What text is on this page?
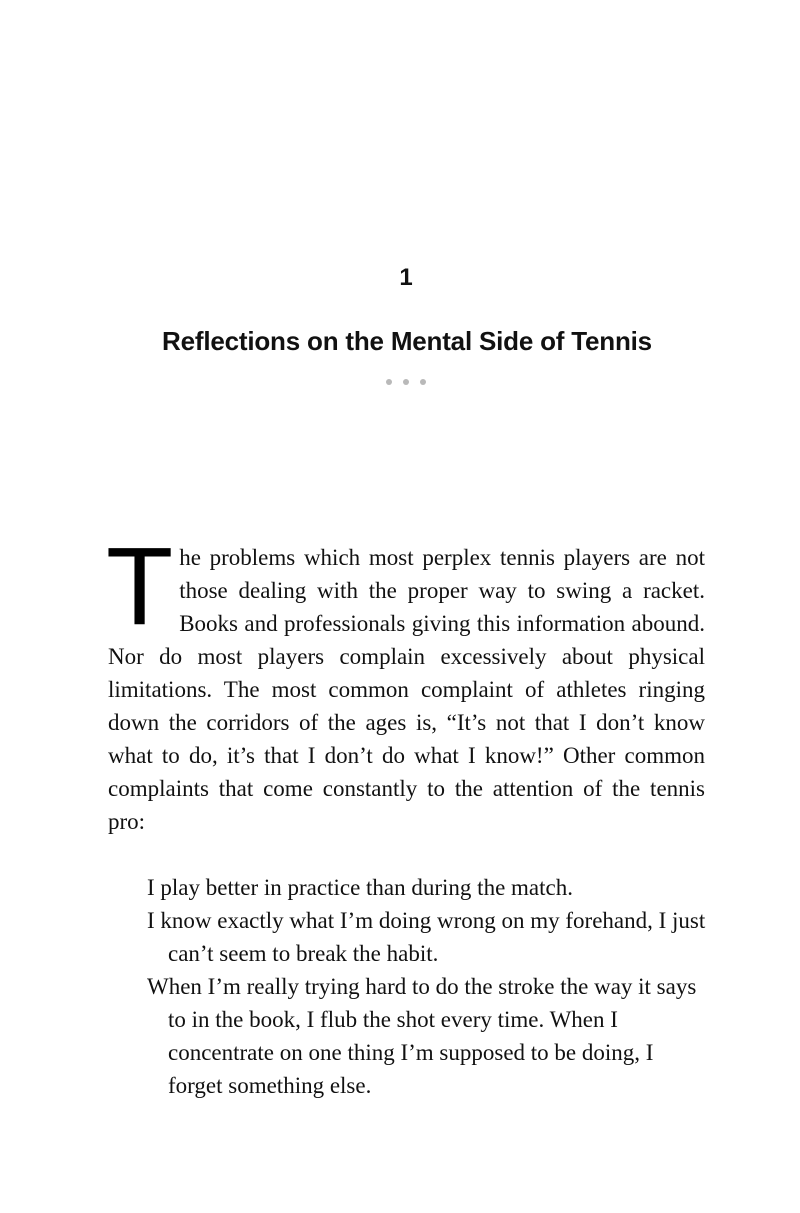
1
Reflections on the Mental Side of Tennis

The problems which most perplex tennis players are not those dealing with the proper way to swing a racket. Books and professionals giving this information abound. Nor do most players complain excessively about physical limitations. The most common complaint of athletes ringing down the corridors of the ages is, “It’s not that I don’t know what to do, it’s that I don’t do what I know!” Other common complaints that come constantly to the attention of the tennis pro:

I play better in practice than during the match.
I know exactly what I’m doing wrong on my forehand, I just can’t seem to break the habit.
When I’m really trying hard to do the stroke the way it says to in the book, I flub the shot every time. When I concentrate on one thing I’m supposed to be doing, I forget something else.
